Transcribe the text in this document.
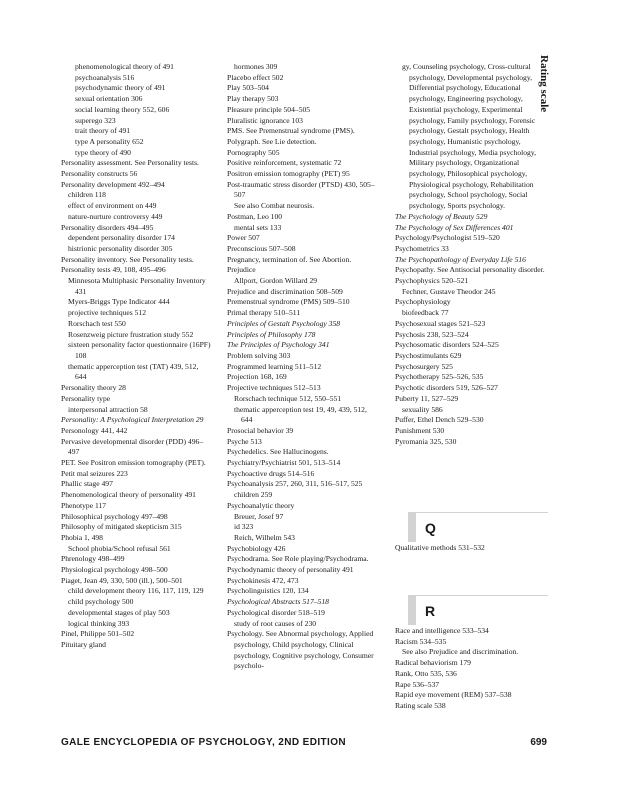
Rating scale
phenomenological theory of 491
psychoanalysis 516
psychodynamic theory of 491
sexual orientation 306
social learning theory 552, 606
superego 323
trait theory of 491
type A personality 652
type theory of 490
Personality assessment. See Personality tests.
Personality constructs 56
Personality development 492–494
children 118
effect of environment on 449
nature-nurture controversy 449
Personality disorders 494–495
dependent personality disorder 174
histrionic personality disorder 305
Personality inventory. See Personality tests.
Personality tests 49, 108, 495–496
Minnesota Multiphasic Personality Inventory 431
Myers-Briggs Type Indicator 444
projective techniques 512
Rorschach test 550
Rosenzweig picture frustration study 552
sixteen personality factor questionnaire (16PF) 108
thematic apperception test (TAT) 439, 512, 644
Personality theory 28
Personality type
interpersonal attraction 58
Personality: A Psychological Interpretation 29
Personology 441, 442
Pervasive developmental disorder (PDD) 496–497
PET. See Positron emission tomography (PET).
Petit mal seizures 223
Phallic stage 497
Phenomenological theory of personality 491
Phenotype 117
Philosophical psychology 497–498
Philosophy of mitigated skepticism 315
Phobia 1, 498
School phobia/School refusal 561
Phrenology 498–499
Physiological psychology 498–500
Piaget, Jean 49, 330, 500 (ill.), 500–501
child development theory 116, 117, 119, 129
child psychology 500
developmental stages of play 503
logical thinking 393
Pinel, Philippe 501–502
Pituitary gland
hormones 309
Placebo effect 502
Play 503–504
Play therapy 503
Pleasure principle 504–505
Pluralistic ignorance 103
PMS. See Premenstrual syndrome (PMS).
Polygraph. See Lie detection.
Pornography 505
Positive reinforcement, systematic 72
Positron emission tomography (PET) 95
Post-traumatic stress disorder (PTSD) 430, 505–507
See also Combat neurosis.
Postman, Leo 100
mental sets 133
Power 507
Preconscious 507–508
Pregnancy, termination of. See Abortion.
Prejudice
Allport, Gordon Willard 29
Prejudice and discrimination 508–509
Premenstrual syndrome (PMS) 509–510
Primal therapy 510–511
Principles of Gestalt Psychology 358
Principles of Philosophy 178
The Principles of Psychology 341
Problem solving 303
Programmed learning 511–512
Projection 168, 169
Projective techniques 512–513
Rorschach technique 512, 550–551
thematic apperception test 19, 49, 439, 512, 644
Prosocial behavior 39
Psyche 513
Psychedelics. See Hallucinogens.
Psychiatry/Psychiatrist 501, 513–514
Psychoactive drugs 514–516
Psychoanalysis 257, 260, 311, 516–517, 525
children 259
Psychoanalytic theory
Breuer, Josef 97
id 323
Reich, Wilhelm 543
Psychobiology 426
Psychodrama. See Role playing/Psychodrama.
Psychodynamic theory of personality 491
Psychokinesis 472, 473
Psycholinguistics 120, 134
Psychological Abstracts 517–518
Psychological disorder 518–519
study of root causes of 230
Psychology. See Abnormal psychology, Applied psychology, Child psychology, Clinical psychology, Cognitive psychology, Consumer psycholo-
gy, Counseling psychology, Cross-cultural psychology, Developmental psychology, Differential psychology, Educational psychology, Engineering psychology, Existential psychology, Experimental psychology, Family psychology, Forensic psychology, Gestalt psychology, Health psychology, Humanistic psychology, Industrial psychology, Media psychology, Military psychology, Organizational psychology, Philosophical psychology, Physiological psychology, Rehabilitation psychology, School psychology, Social psychology, Sports psychology.
The Psychology of Beauty 529
The Psychology of Sex Differences 401
Psychology/Psychologist 519–520
Psychometrics 33
The Psychopathology of Everyday Life 516
Psychopathy. See Antisocial personality disorder.
Psychophysics 520–521
Fechner, Gustave Theodor 245
Psychophysiology
biofeedback 77
Psychosexual stages 521–523
Psychosis 238, 523–524
Psychosomatic disorders 524–525
Psychostimulants 629
Psychosurgery 525
Psychotherapy 525–526, 535
Psychotic disorders 519, 526–527
Puberty 11, 527–529
sexuality 586
Puffer, Ethel Dench 529–530
Punishment 530
Pyromania 325, 530
Qualitative methods 531–532
Race and intelligence 533–534
Racism 534–535
See also Prejudice and discrimination.
Radical behaviorism 179
Rank, Otto 535, 536
Rape 536–537
Rapid eye movement (REM) 537–538
Rating scale 538
Q
R
GALE ENCYCLOPEDIA OF PSYCHOLOGY, 2ND EDITION	699
